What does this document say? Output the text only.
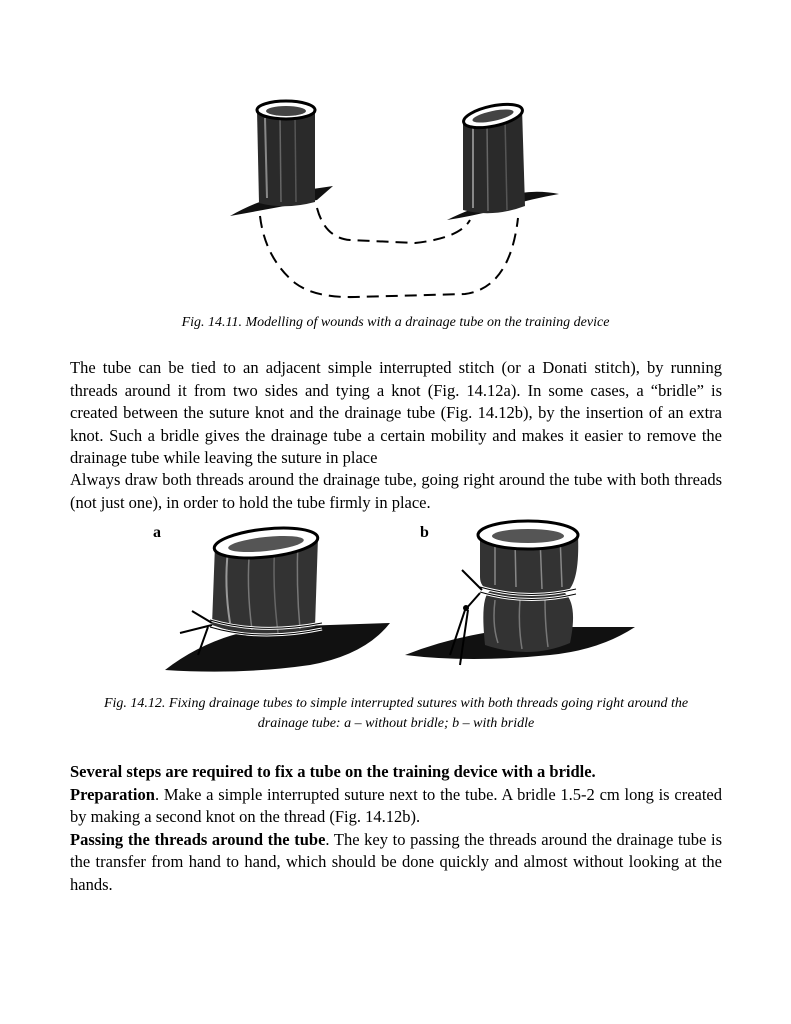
Fig. 14.11. Modelling of wounds with a drainage tube on the training device
The tube can be tied to an adjacent simple interrupted stitch (or a Donati stitch), by running threads around it from two sides and tying a knot (Fig. 14.12a). In some cases, a “bridle” is created between the suture knot and the drainage tube (Fig. 14.12b), by the insertion of an extra knot. Such a bridle gives the drainage tube a certain mobility and makes it easier to remove the drainage tube while leaving the suture in place
Always draw both threads around the drainage tube, going right around the tube with both threads (not just one), in order to hold the tube firmly in place.
a	b
Fig. 14.12. Fixing drainage tubes to simple interrupted sutures with both threads going right around the
drainage tube: a – without bridle; b – with bridle
Several steps are required to fix a tube on the training device with a bridle.
Preparation. Make a simple interrupted suture next to the tube. A bridle 1.5-2 cm long is created by making a second knot on the thread (Fig. 14.12b).
Passing the threads around the tube. The key to passing the threads around the drainage tube is the transfer from hand to hand, which should be done quickly and almost without looking at the hands.
